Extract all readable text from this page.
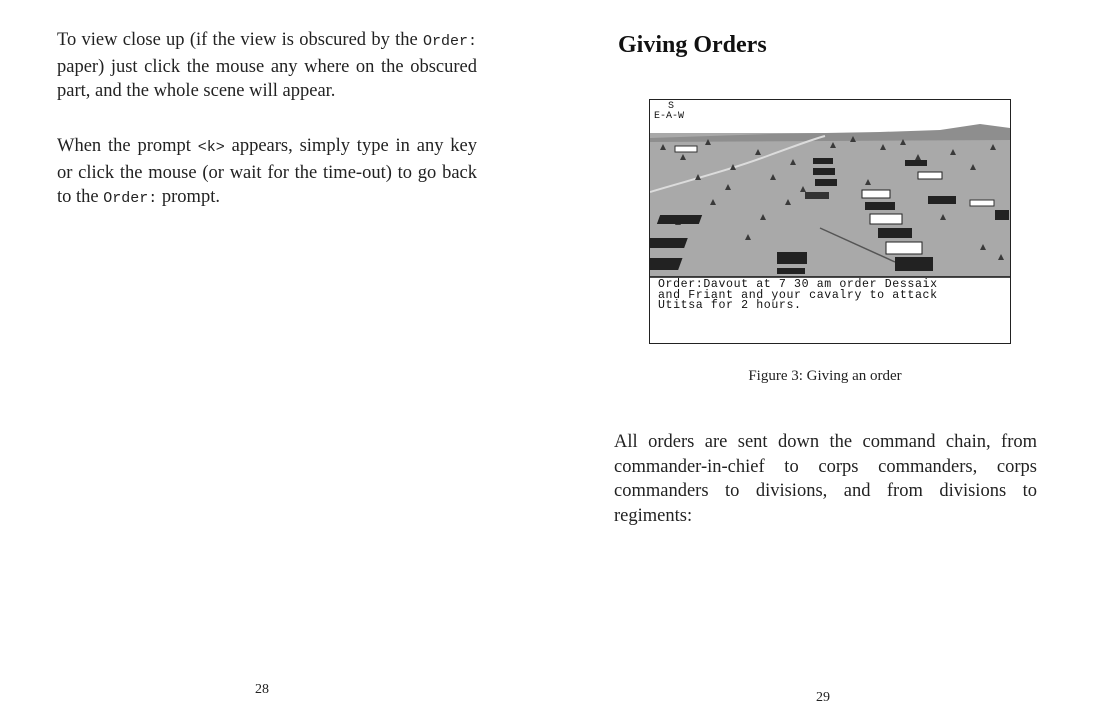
To view close up (if the view is obscured by the Order: paper) just click the mouse any where on the obscured part, and the whole scene will appear.

When the prompt <k> appears, simply type in any key or click the mouse (or wait for the time-out) to go back to the Order: prompt.

28

Giving Orders
S
E-A-W
Order:Davout at 7 30 am order Dessaix
and Friant and your cavalry to attack
Utitsa for 2 hours.

Figure 3: Giving an order

All orders are sent down the command chain, from commander-in-chief to corps commanders, corps commanders to divisions, and from divisions to regiments:

29
